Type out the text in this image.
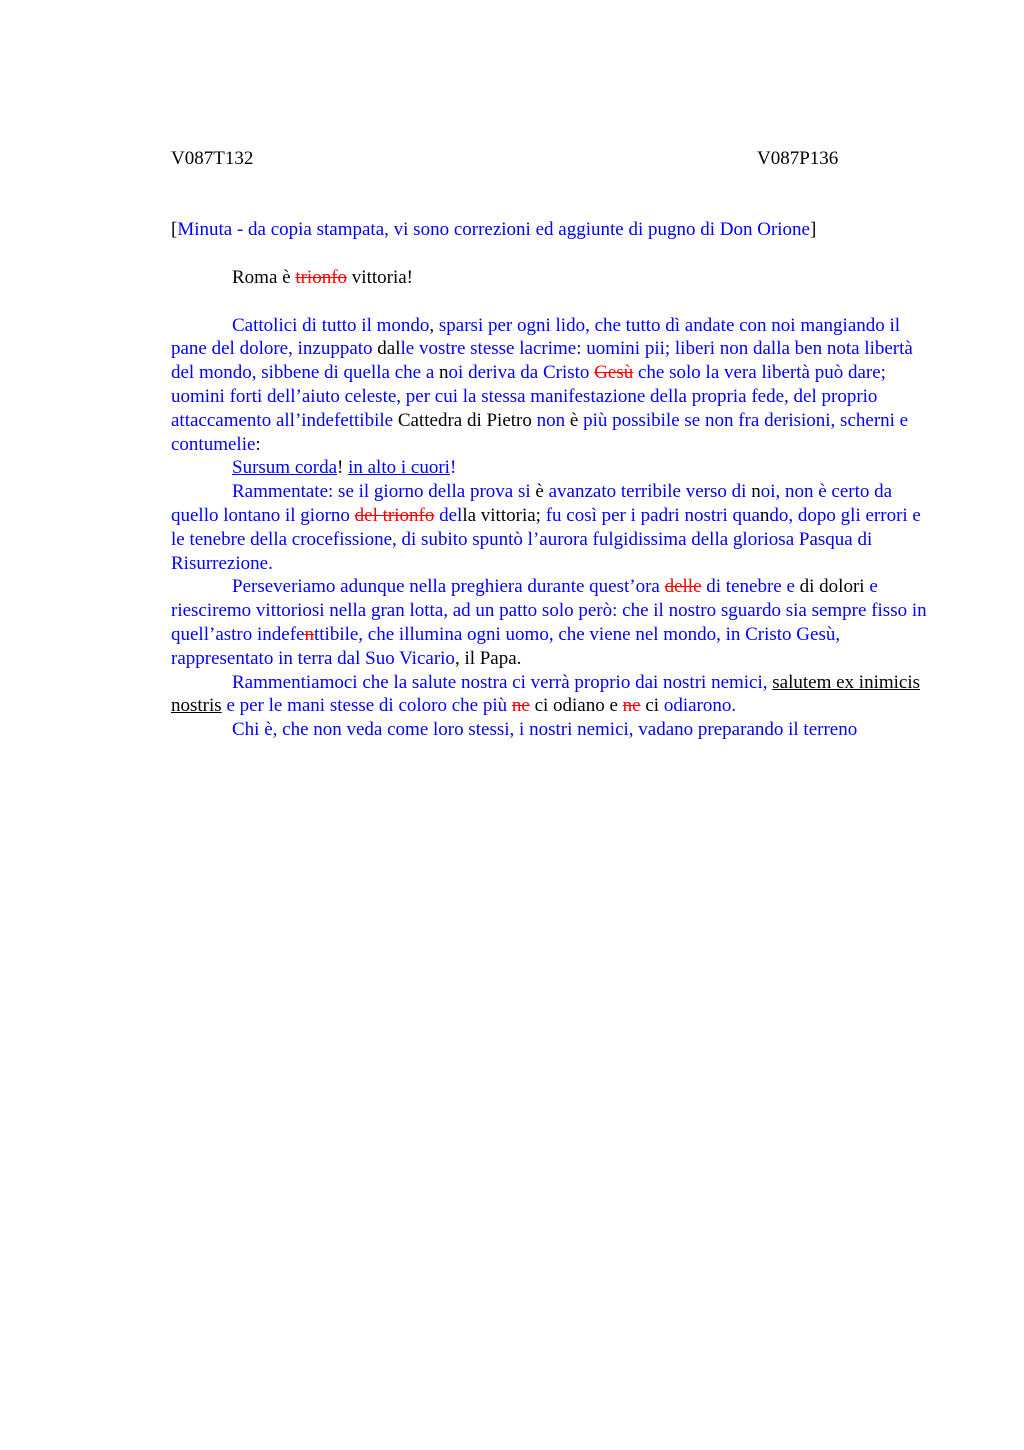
V087T132	V087P136

[Minuta - da copia stampata, vi sono correzioni ed aggiunte di pugno di Don Orione]

Roma è trionfo vittoria!

Cattolici di tutto il mondo, sparsi per ogni lido, che tutto dì andate con noi mangiando il pane del dolore, inzuppato dalle vostre stesse lacrime: uomini pii; liberi non dalla ben nota libertà del mondo, sibbene di quella che a noi deriva da Cristo Gesù che solo la vera libertà può dare; uomini forti dell’aiuto celeste, per cui la stessa manifestazione della propria fede, del proprio attaccamento all’indefettibile Cattedra di Pietro non è più possibile se non fra derisioni, scherni e contumelie:

Sursum corda! in alto i cuori!

Rammentate: se il giorno della prova si è avanzato terribile verso di noi, non è certo da quello lontano il giorno del trionfo della vittoria; fu così per i padri nostri quando, dopo gli errori e le tenebre della crocefissione, di subito spuntò l’aurora fulgidissima della gloriosa Pasqua di Risurrezione.

Perseveriamo adunque nella preghiera durante quest’ora delle di tenebre e di dolori e riesciremo vittoriosi nella gran lotta, ad un patto solo però: che il nostro sguardo sia sempre fisso in quell’astro indefenttibile, che illumina ogni uomo, che viene nel mondo, in Cristo Gesù, rappresentato in terra dal Suo Vicario, il Papa.

Rammentiamoci che la salute nostra ci verrà proprio dai nostri nemici, salutem ex inimicis nostris e per le mani stesse di coloro che più ne ci odiano e ne ci odiarono.

Chi è, che non veda come loro stessi, i nostri nemici, vadano preparando il terreno
